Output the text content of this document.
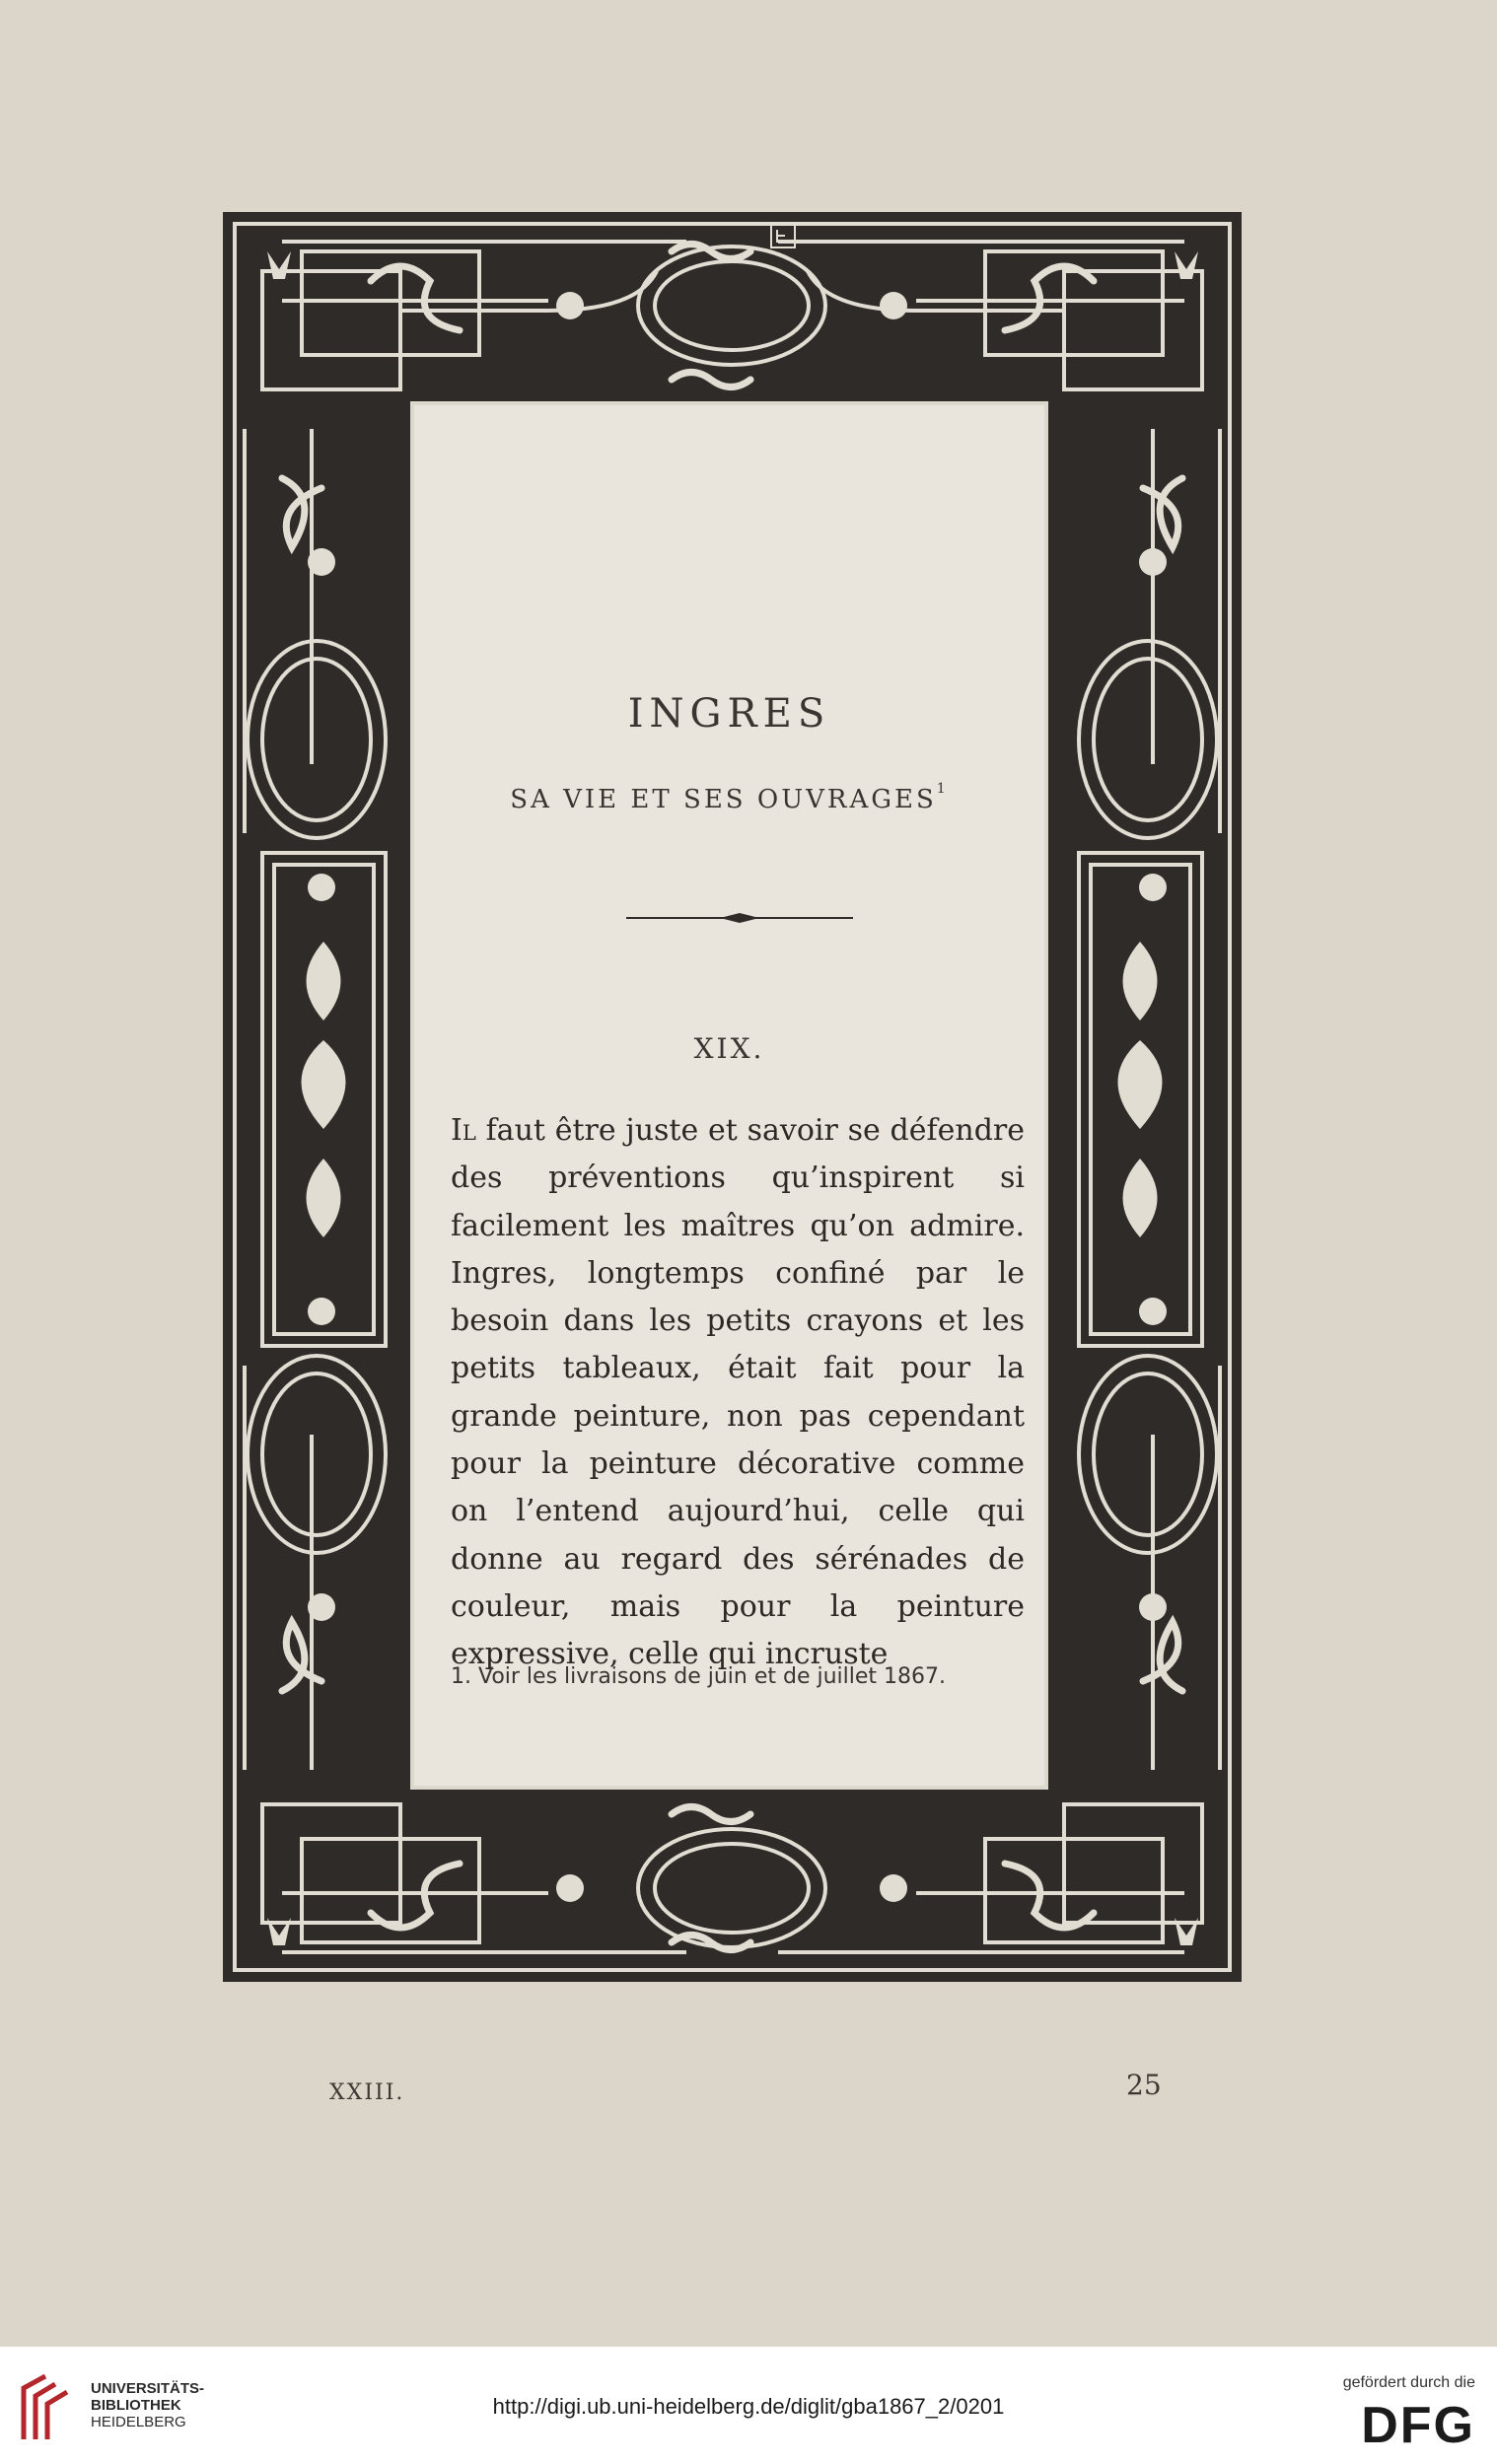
INGRES
SA VIE ET SES OUVRAGES$^1$
XIX.
Il faut être juste et savoir se défendre des préventions qu’inspirent si facilement les maîtres qu’on admire. Ingres, longtemps confiné par le besoin dans les petits crayons et les petits tableaux, était fait pour la grande peinture, non pas cependant pour la peinture décorative comme on l’entend aujourd’hui, celle qui donne au regard des sérénades de couleur, mais pour la peinture expressive, celle qui incruste
1. Voir les livraisons de juin et de juillet 1867.
XXIII.	25
UNIVERSITÄTS-
BIBLIOTHEK
HEIDELBERG
http://digi.ub.uni-heidelberg.de/diglit/gba1867_2/0201
gefördert durch die
DFG
